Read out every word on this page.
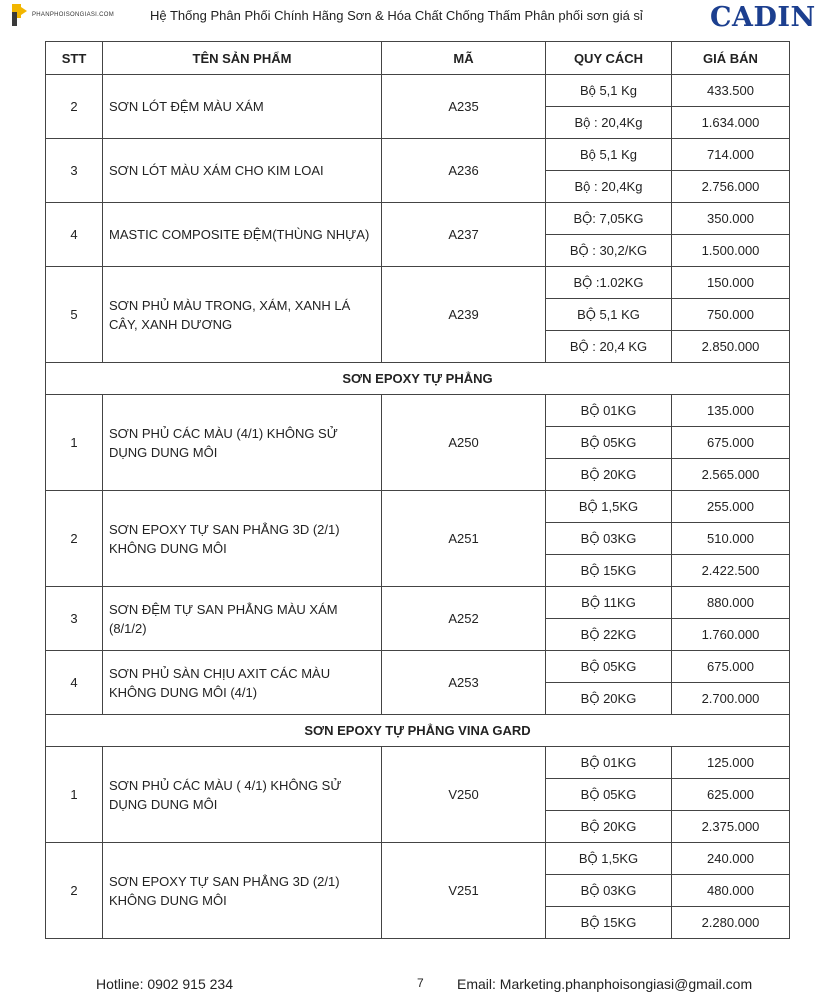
PHANPHOISONGIASI.COM	Hệ Thống Phân Phối Chính Hãng Sơn & Hóa Chất Chống Thấm Phân phối sơn giá sỉ CADIN
STT	TÊN SẢN PHẨM	MÃ	QUY CÁCH	GIÁ BÁN
2	SƠN LÓT ĐỆM MÀU XÁM	A235	Bộ 5,1 Kg	433.500
			Bộ : 20,4Kg	1.634.000
3	SƠN LÓT MÀU XÁM CHO KIM LOAI	A236	Bộ 5,1 Kg	714.000
			Bộ : 20,4Kg	2.756.000
4	MASTIC COMPOSITE ĐỆM(THÙNG NHỰA)	A237	BỘ: 7,05KG	350.000
			BỘ : 30,2/KG	1.500.000
5	SƠN PHỦ MÀU TRONG, XÁM, XANH LÁ CÂY, XANH DƯƠNG	A239	BỘ :1.02KG	150.000
			BỘ 5,1 KG	750.000
			BỘ : 20,4 KG	2.850.000
SƠN EPOXY TỰ PHẲNG				
1	SƠN PHỦ CÁC MÀU (4/1) KHÔNG SỬ DỤNG DUNG MÔI	A250	BỘ 01KG	135.000
			BỘ 05KG	675.000
			BỘ 20KG	2.565.000
2	SƠN EPOXY TỰ SAN PHẲNG 3D (2/1) KHÔNG DUNG MÔI	A251	BỘ 1,5KG	255.000
			BỘ 03KG	510.000
			BỘ 15KG	2.422.500
3	SƠN ĐỆM TỰ SAN PHẲNG MÀU XÁM (8/1/2)	A252	BỘ 11KG	880.000
			BỘ 22KG	1.760.000
4	SƠN PHỦ SÀN CHỊU AXIT CÁC MÀU KHÔNG DUNG MÔI (4/1)	A253	BỘ 05KG	675.000
			BỘ 20KG	2.700.000
SƠN EPOXY TỰ PHẲNG VINA GARD				
1	SƠN PHỦ CÁC MÀU ( 4/1) KHÔNG SỬ DỤNG DUNG MÔI	V250	BỘ 01KG	125.000
			BỘ 05KG	625.000
			BỘ 20KG	2.375.000
2	SƠN EPOXY TỰ SAN PHẲNG 3D (2/1) KHÔNG DUNG MÔI	V251	BỘ 1,5KG	240.000
			BỘ 03KG	480.000
			BỘ 15KG	2.280.000
Hotline: 0902 915 234	7 Email: Marketing.phanphoisongiasi@gmail.com
